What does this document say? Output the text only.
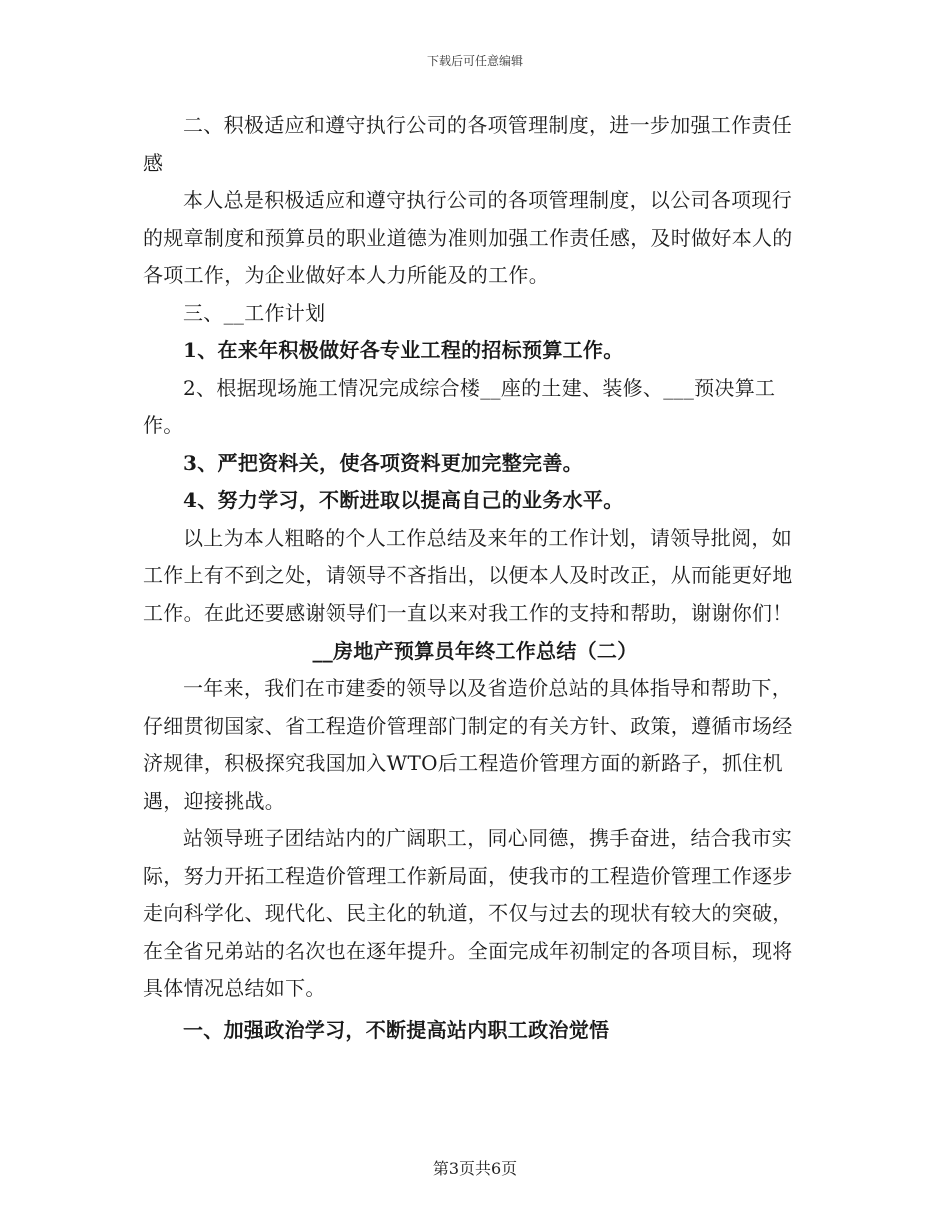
下载后可任意编辑

二、积极适应和遵守执行公司的各项管理制度，进一步加强工作责任感

本人总是积极适应和遵守执行公司的各项管理制度，以公司各项现行的规章制度和预算员的职业道德为准则加强工作责任感，及时做好本人的各项工作，为企业做好本人力所能及的工作。

三、__工作计划

1、在来年积极做好各专业工程的招标预算工作。

2、根据现场施工情况完成综合楼__座的土建、装修、___预决算工作。

3、严把资料关，使各项资料更加完整完善。

4、努力学习，不断进取以提高自己的业务水平。

以上为本人粗略的个人工作总结及来年的工作计划，请领导批阅，如工作上有不到之处，请领导不吝指出，以便本人及时改正，从而能更好地工作。在此还要感谢领导们一直以来对我工作的支持和帮助，谢谢你们！

__房地产预算员年终工作总结（二）

一年来，我们在市建委的领导以及省造价总站的具体指导和帮助下，仔细贯彻国家、省工程造价管理部门制定的有关方针、政策，遵循市场经济规律，积极探究我国加入WTO后工程造价管理方面的新路子，抓住机遇，迎接挑战。

站领导班子团结站内的广阔职工，同心同德，携手奋进，结合我市实际，努力开拓工程造价管理工作新局面，使我市的工程造价管理工作逐步走向科学化、现代化、民主化的轨道，不仅与过去的现状有较大的突破，在全省兄弟站的名次也在逐年提升。全面完成年初制定的各项目标，现将具体情况总结如下。

一、加强政治学习，不断提高站内职工政治觉悟

第3页共6页
